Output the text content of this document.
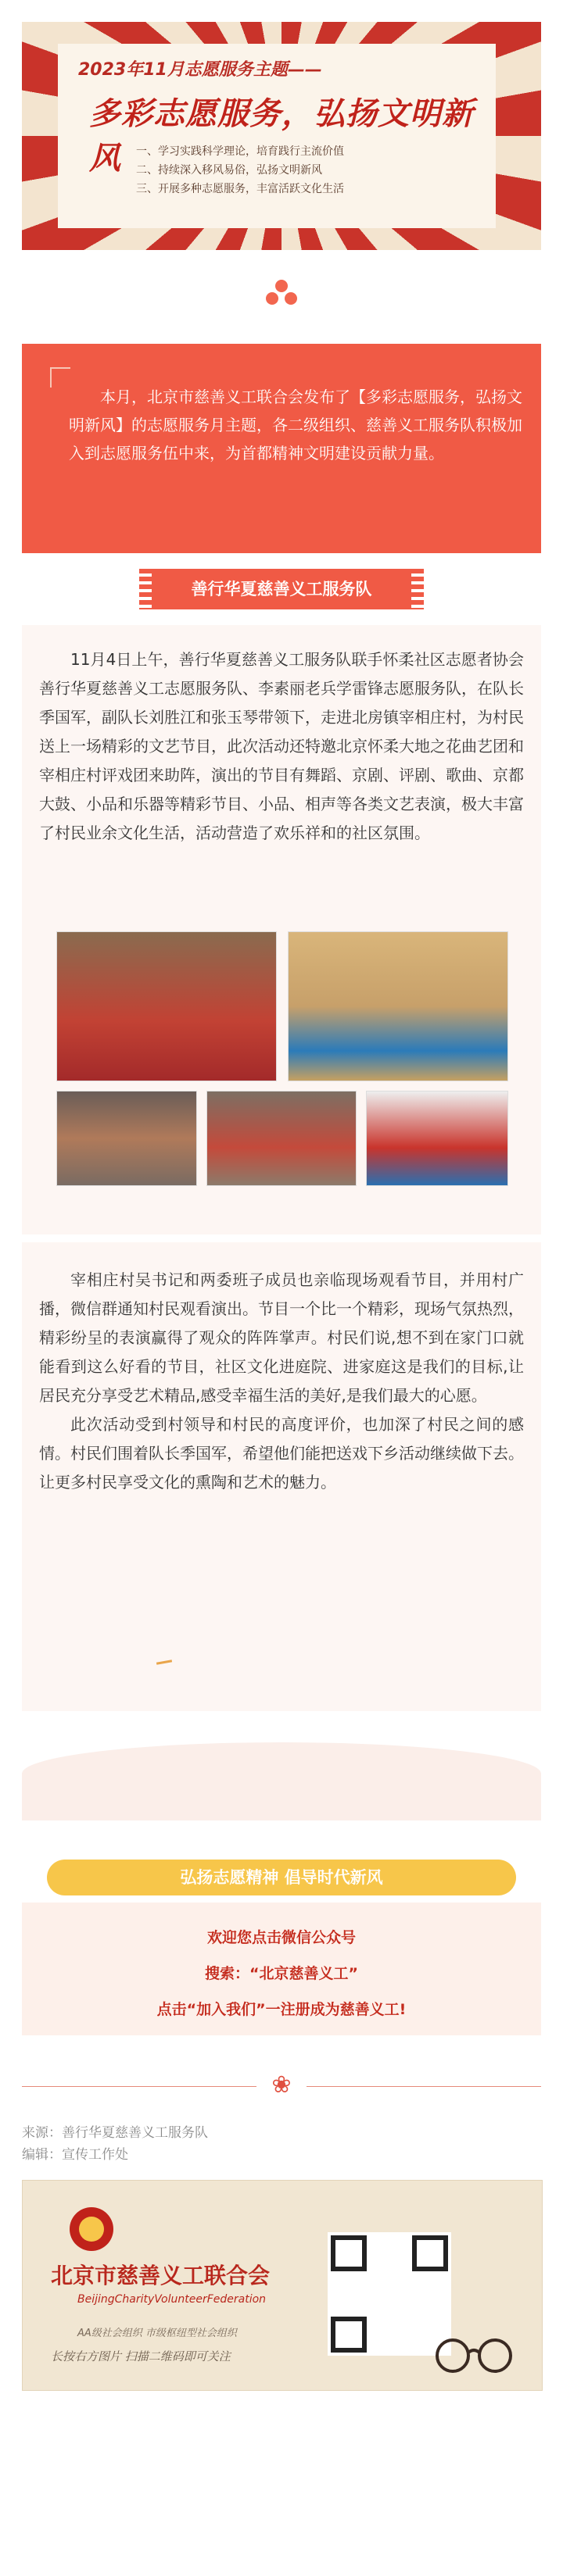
2023年11月志愿服务主题——
多彩志愿服务，弘扬文明新风	一、学习实践科学理论，培育践行主流价值
二、持续深入移风易俗，弘扬文明新风
三、开展多种志愿服务，丰富活跃文化生活
本月，北京市慈善义工联合会发布了【多彩志愿服务，弘扬文明新风】的志愿服务月主题，各二级组织、慈善义工服务队积极加入到志愿服务伍中来，为首都精神文明建设贡献力量。
善行华夏慈善义工服务队
11月4日上午，善行华夏慈善义工服务队联手怀柔社区志愿者协会善行华夏慈善义工志愿服务队、李素丽老兵学雷锋志愿服务队，在队长季国军，副队长刘胜江和张玉琴带领下，走进北房镇宰相庄村，为村民送上一场精彩的文艺节目，此次活动还特邀北京怀柔大地之花曲艺团和宰相庄村评戏团来助阵，演出的节目有舞蹈、京剧、评剧、歌曲、京都大鼓、小品和乐器等精彩节目、小品、相声等各类文艺表演，极大丰富了村民业余文化生活，活动营造了欢乐祥和的社区氛围。

宰相庄村吴书记和两委班子成员也亲临现场观看节目，并用村广播，微信群通知村民观看演出。节目一个比一个精彩，现场气氛热烈，精彩纷呈的表演赢得了观众的阵阵掌声。村民们说,想不到在家门口就能看到这么好看的节目，社区文化进庭院、进家庭这是我们的目标,让居民充分享受艺术精品,感受幸福生活的美好,是我们最大的心愿。

此次活动受到村领导和村民的高度评价，也加深了村民之间的感情。村民们围着队长季国军，希望他们能把送戏下乡活动继续做下去。让更多村民享受文化的熏陶和艺术的魅力。

弘扬志愿精神 倡导时代新风
欢迎您点击微信公众号
搜索：“北京慈善义工”
点击“加入我们”一注册成为慈善义工!
❀
来源：善行华夏慈善义工服务队
编辑：宣传工作处
北京市慈善义工联合会
BeijingCharityVolunteerFederation
AA级社会组织 市级枢纽型社会组织
长按右方图片 扫描二维码即可关注
